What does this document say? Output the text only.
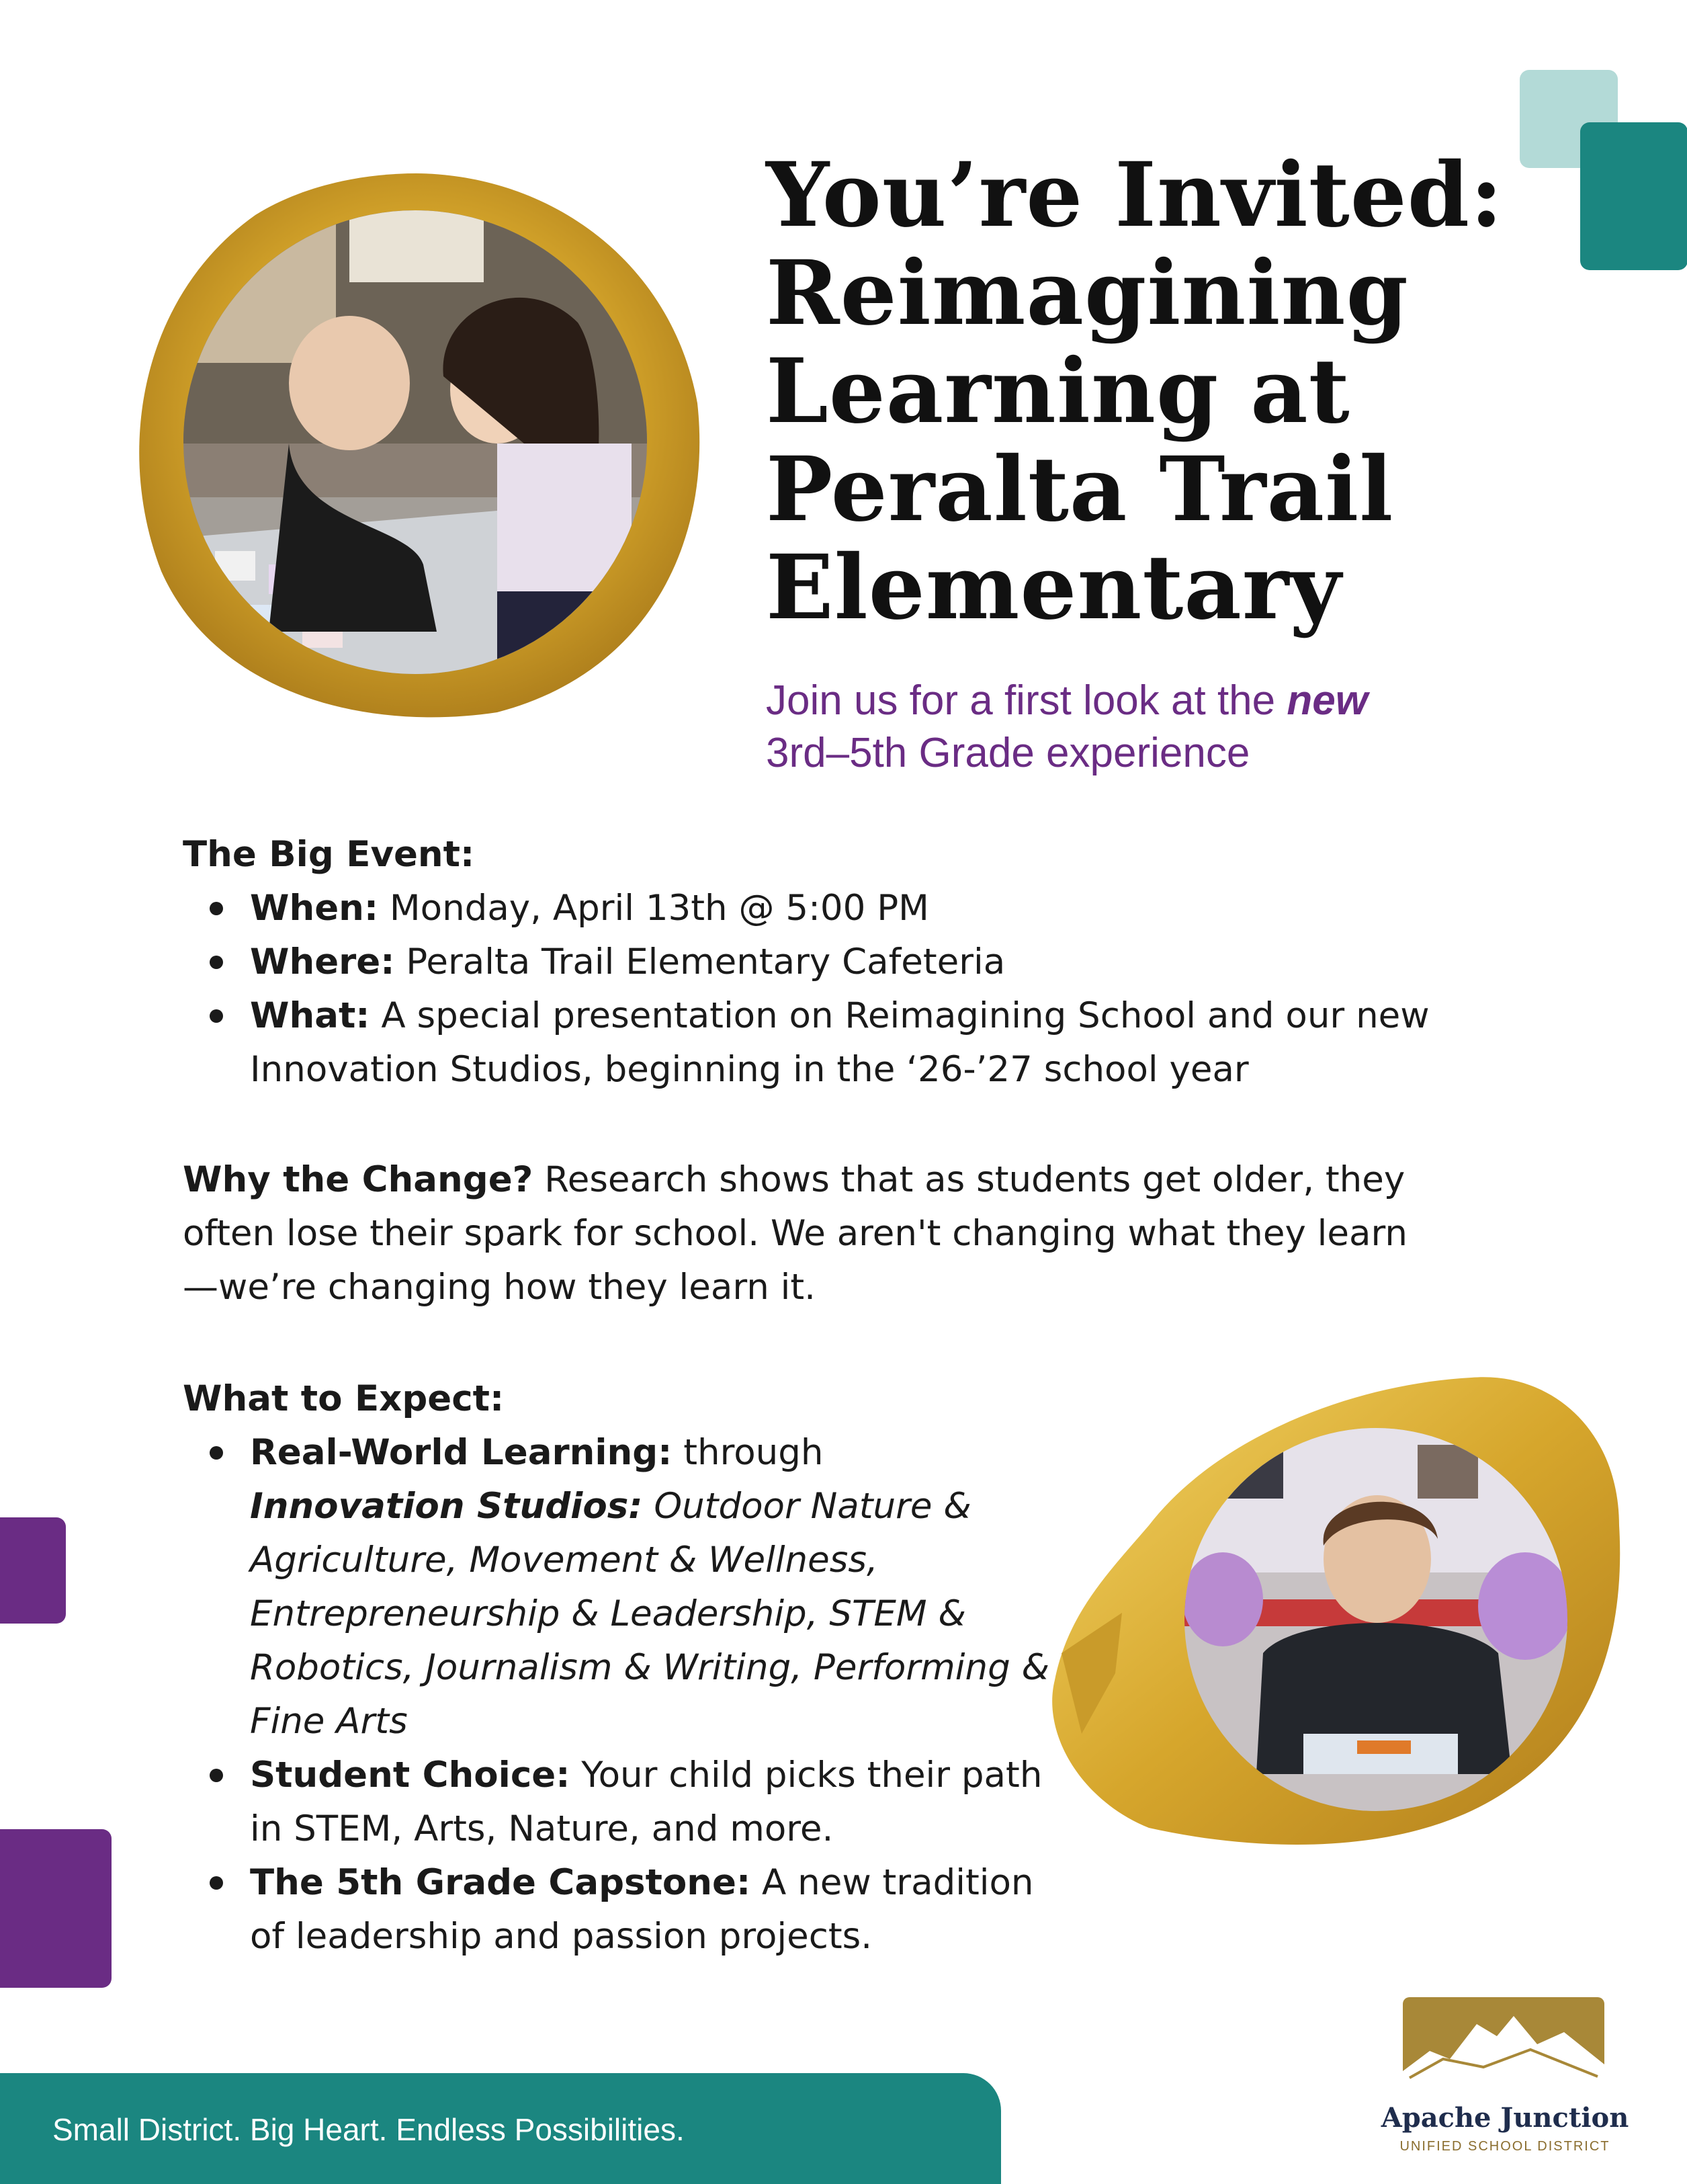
You’re Invited:
Reimagining
Learning at
Peralta Trail
Elementary
Join us for a first look at the new
3rd–5th Grade experience
The Big Event:
When: Monday, April 13th @ 5:00 PM
Where: Peralta Trail Elementary Cafeteria
What: A special presentation on Reimagining School and our new Innovation Studios, beginning in the ‘26-’27 school year
Why the Change? Research shows that as students get older, they often lose their spark for school. We aren't changing what they learn—we’re changing how they learn it.
What to Expect:
Real-World Learning: through
Innovation Studios: Outdoor Nature & Agriculture, Movement & Wellness, Entrepreneurship & Leadership, STEM & Robotics, Journalism & Writing, Performing & Fine Arts
Student Choice: Your child picks their path in STEM, Arts, Nature, and more.
The 5th Grade Capstone: A new tradition of leadership and passion projects.
Small District. Big Heart. Endless Possibilities.	Apache Junction
UNIFIED SCHOOL DISTRICT
